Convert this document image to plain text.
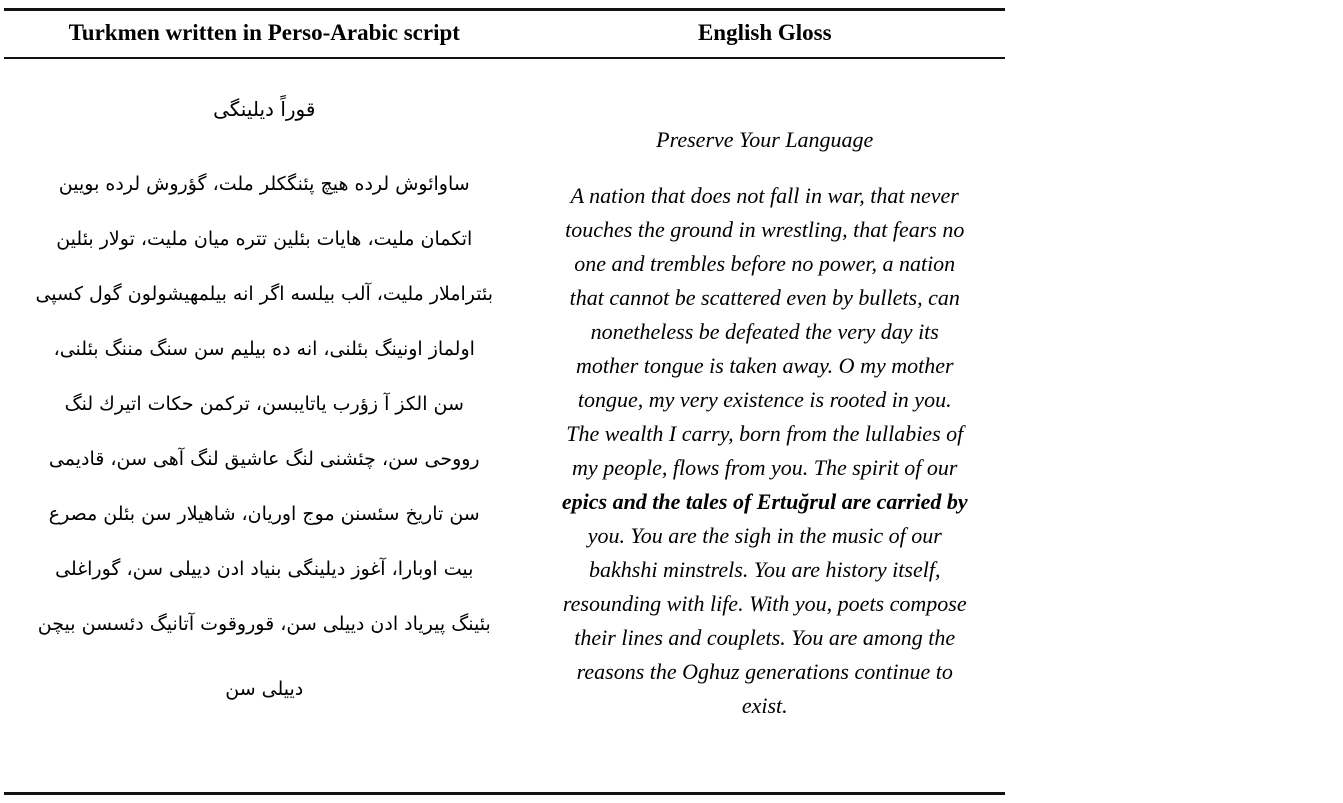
Turkmen written in Perso-Arabic script	English Gloss
قوراً ديلينگى
ساوائوش لرده هيچ پئنگكلر ملت، گؤروش لرده بويين
اتكمان مليت، هايات بئلين تتره ميان مليت، تولار بئلين
بئتراملار مليت، آلب بيلسه اگر انه بيلمهيشولون گول كسپى
اولماز اونينگ بئلنى، انه ده بيليم سن سنگ مننگ بئلنى،
سن الكز آ زؤرب ياتايبسن، تركمن حكات اتيرك لنگ
رووحى سن، چئشنى لنگ عاشيق لنگ آهى سن، قاديمى
سن تاريخ سئسنن موج اوريان، شاهيلار سن بئلن مصرع
بيت اوبارا، آغوز ديلينگى بنياد ادن دييلى سن، گوراغلى
بئينگ پيرياد ادن دييلى سن، قوروقوت آتانيگ دئسسن بيچن
دييلى سن
Preserve Your Language
A nation that does not fall in war, that never
touches the ground in wrestling, that fears no
one and trembles before no power, a nation
that cannot be scattered even by bullets, can
nonetheless be defeated the very day its
mother tongue is taken away. O my mother
tongue, my very existence is rooted in you.
The wealth I carry, born from the lullabies of
my people, flows from you. The spirit of our
epics and the tales of Ertuğrul are carried by
you. You are the sigh in the music of our
bakhshi minstrels. You are history itself,
resounding with life. With you, poets compose
their lines and couplets. You are among the
reasons the Oghuz generations continue to
exist.
